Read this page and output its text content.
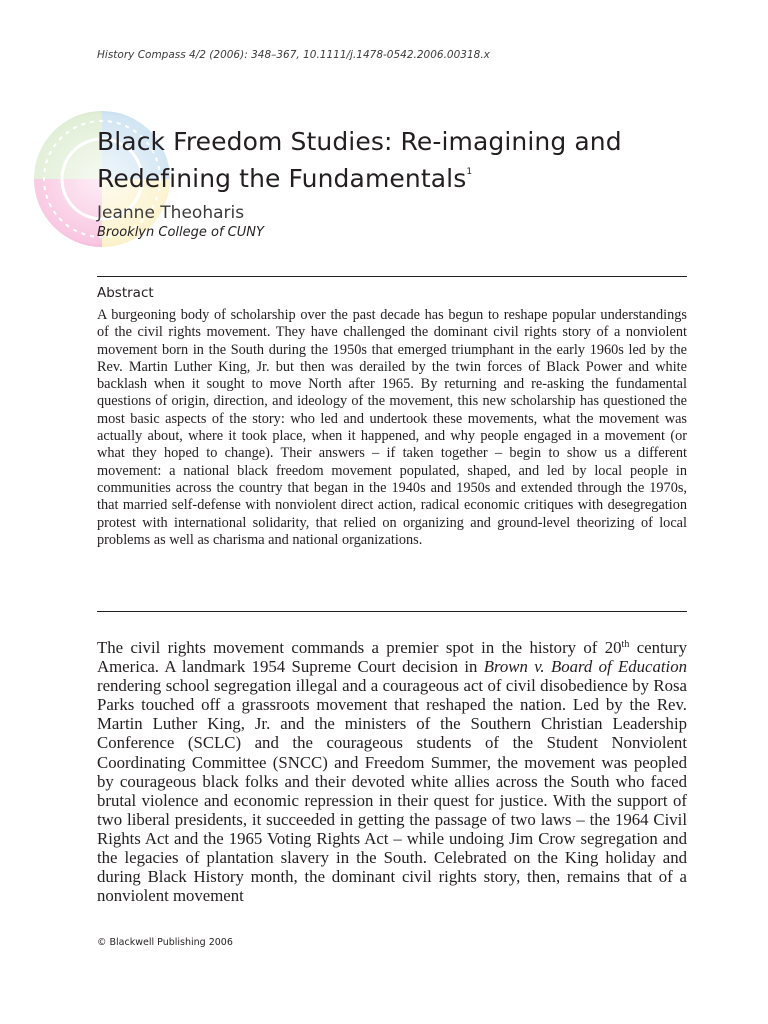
History Compass 4/2 (2006): 348–367, 10.1111/j.1478-0542.2006.00318.x
Black Freedom Studies: Re-imagining and Redefining the Fundamentals$^1$
Jeanne Theoharis
Brooklyn College of CUNY
Abstract

A burgeoning body of scholarship over the past decade has begun to reshape popular understandings of the civil rights movement. They have challenged the dominant civil rights story of a nonviolent movement born in the South during the 1950s that emerged triumphant in the early 1960s led by the Rev. Martin Luther King, Jr. but then was derailed by the twin forces of Black Power and white backlash when it sought to move North after 1965. By returning and re-asking the fundamental questions of origin, direction, and ideology of the movement, this new scholarship has questioned the most basic aspects of the story: who led and undertook these movements, what the movement was actually about, where it took place, when it happened, and why people engaged in a movement (or what they hoped to change). Their answers – if taken together – begin to show us a different movement: a national black freedom movement populated, shaped, and led by local people in communities across the country that began in the 1940s and 1950s and extended through the 1970s, that married self-defense with nonviolent direct action, radical economic critiques with desegregation protest with international solidarity, that relied on organizing and ground-level theorizing of local problems as well as charisma and national organizations.

The civil rights movement commands a premier spot in the history of 20th century America. A landmark 1954 Supreme Court decision in Brown v. Board of Education rendering school segregation illegal and a courageous act of civil disobedience by Rosa Parks touched off a grassroots movement that reshaped the nation. Led by the Rev. Martin Luther King, Jr. and the ministers of the Southern Christian Leadership Conference (SCLC) and the courageous students of the Student Nonviolent Coordinating Committee (SNCC) and Freedom Summer, the movement was peopled by courageous black folks and their devoted white allies across the South who faced brutal violence and economic repression in their quest for justice. With the support of two liberal presidents, it succeeded in getting the passage of two laws – the 1964 Civil Rights Act and the 1965 Voting Rights Act – while undoing Jim Crow segregation and the legacies of plantation slavery in the South. Celebrated on the King holiday and during Black History month, the dominant civil rights story, then, remains that of a nonviolent movement

© Blackwell Publishing 2006
